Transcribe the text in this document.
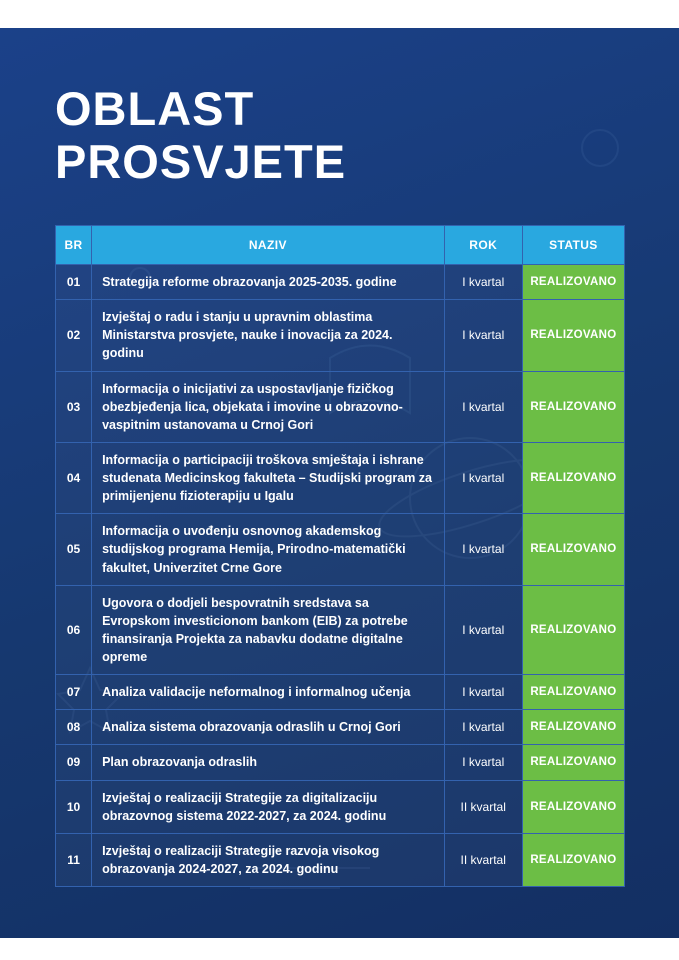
OBLAST
PROSVJETE
BR	NAZIV	ROK	STATUS
01	Strategija reforme obrazovanja 2025-2035. godine	I kvartal	REALIZOVANO
02	Izvještaj o radu i stanju u upravnim oblastima Ministarstva prosvjete, nauke i inovacija za 2024. godinu	I kvartal	REALIZOVANO
03	Informacija o inicijativi za uspostavljanje fizičkog obezbjeđenja lica, objekata i imovine u obrazovno-vaspitnim ustanovama u Crnoj Gori	I kvartal	REALIZOVANO
04	Informacija o participaciji troškova smještaja i ishrane studenata Medicinskog fakulteta – Studijski program za primijenjenu fizioterapiju u Igalu	I kvartal	REALIZOVANO
05	Informacija o uvođenju osnovnog akademskog studijskog programa Hemija, Prirodno-matematički fakultet, Univerzitet Crne Gore	I kvartal	REALIZOVANO
06	Ugovora o dodjeli bespovratnih sredstava sa Evropskom investicionom bankom (EIB) za potrebe finansiranja Projekta za nabavku dodatne digitalne opreme	I kvartal	REALIZOVANO
07	Analiza validacije neformalnog i informalnog učenja	I kvartal	REALIZOVANO
08	Analiza sistema obrazovanja odraslih u Crnoj Gori	I kvartal	REALIZOVANO
09	Plan obrazovanja odraslih	I kvartal	REALIZOVANO
10	Izvještaj o realizaciji Strategije za digitalizaciju obrazovnog sistema 2022-2027, za 2024. godinu	II kvartal	REALIZOVANO
11	Izvještaj o realizaciji Strategije razvoja visokog obrazovanja 2024-2027, za 2024. godinu	II kvartal	REALIZOVANO
